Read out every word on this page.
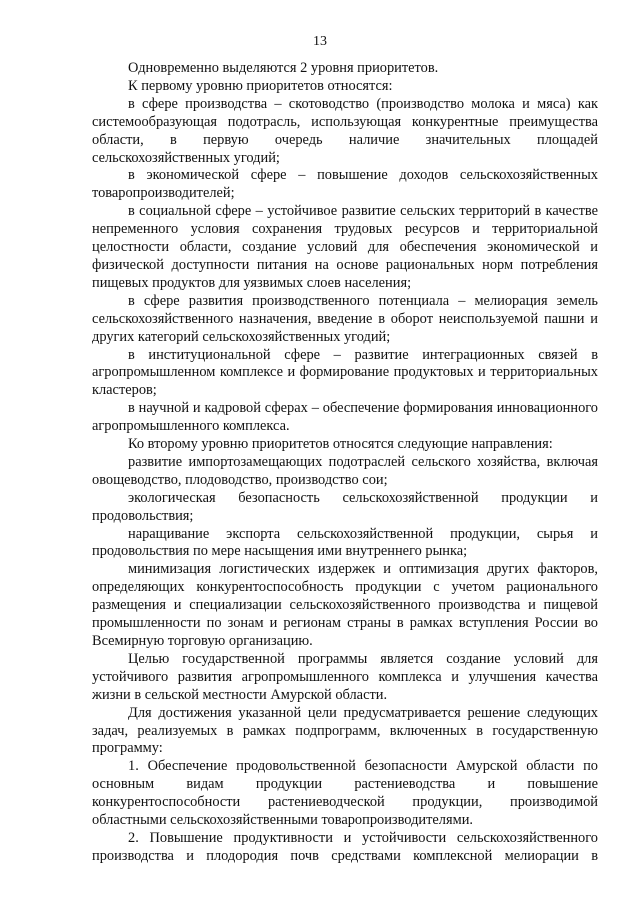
13

Одновременно выделяются 2 уровня приоритетов.

К первому уровню приоритетов относятся:

в сфере производства – скотоводство (производство молока и мяса) как системообразующая подотрасль, использующая конкурентные преимущества области, в первую очередь наличие значительных площадей сельскохозяйственных угодий;

в экономической сфере – повышение доходов сельскохозяйственных товаропроизводителей;

в социальной сфере – устойчивое развитие сельских территорий в качестве непременного условия сохранения трудовых ресурсов и территориальной целостности области, создание условий для обеспечения экономической и физической доступности питания на основе рациональных норм потребления пищевых продуктов для уязвимых слоев населения;

в сфере развития производственного потенциала – мелиорация земель сельскохозяйственного назначения, введение в оборот неиспользуемой пашни и других категорий сельскохозяйственных угодий;

в институциональной сфере – развитие интеграционных связей в агропромышленном комплексе и формирование продуктовых и территориальных кластеров;

в научной и кадровой сферах – обеспечение формирования инновационного агропромышленного комплекса.

Ко второму уровню приоритетов относятся следующие направления:

развитие импортозамещающих подотраслей сельского хозяйства, включая овощеводство, плодоводство, производство сои;

экологическая безопасность сельскохозяйственной продукции и продовольствия;

наращивание экспорта сельскохозяйственной продукции, сырья и продовольствия по мере насыщения ими внутреннего рынка;

минимизация логистических издержек и оптимизация других факторов, определяющих конкурентоспособность продукции с учетом рационального размещения и специализации сельскохозяйственного производства и пищевой промышленности по зонам и регионам страны в рамках вступления России во Всемирную торговую организацию.

Целью государственной программы является создание условий для устойчивого развития агропромышленного комплекса и улучшения качества жизни в сельской местности Амурской области.

Для достижения указанной цели предусматривается решение следующих задач, реализуемых в рамках подпрограмм, включенных в государственную программу:

1. Обеспечение продовольственной безопасности Амурской области по основным видам продукции растениеводства и повышение конкурентоспособности растениеводческой продукции, производимой областными сельскохозяйственными товаропроизводителями.

2. Повышение продуктивности и устойчивости сельскохозяйственного производства и плодородия почв средствами комплексной мелиорации в
